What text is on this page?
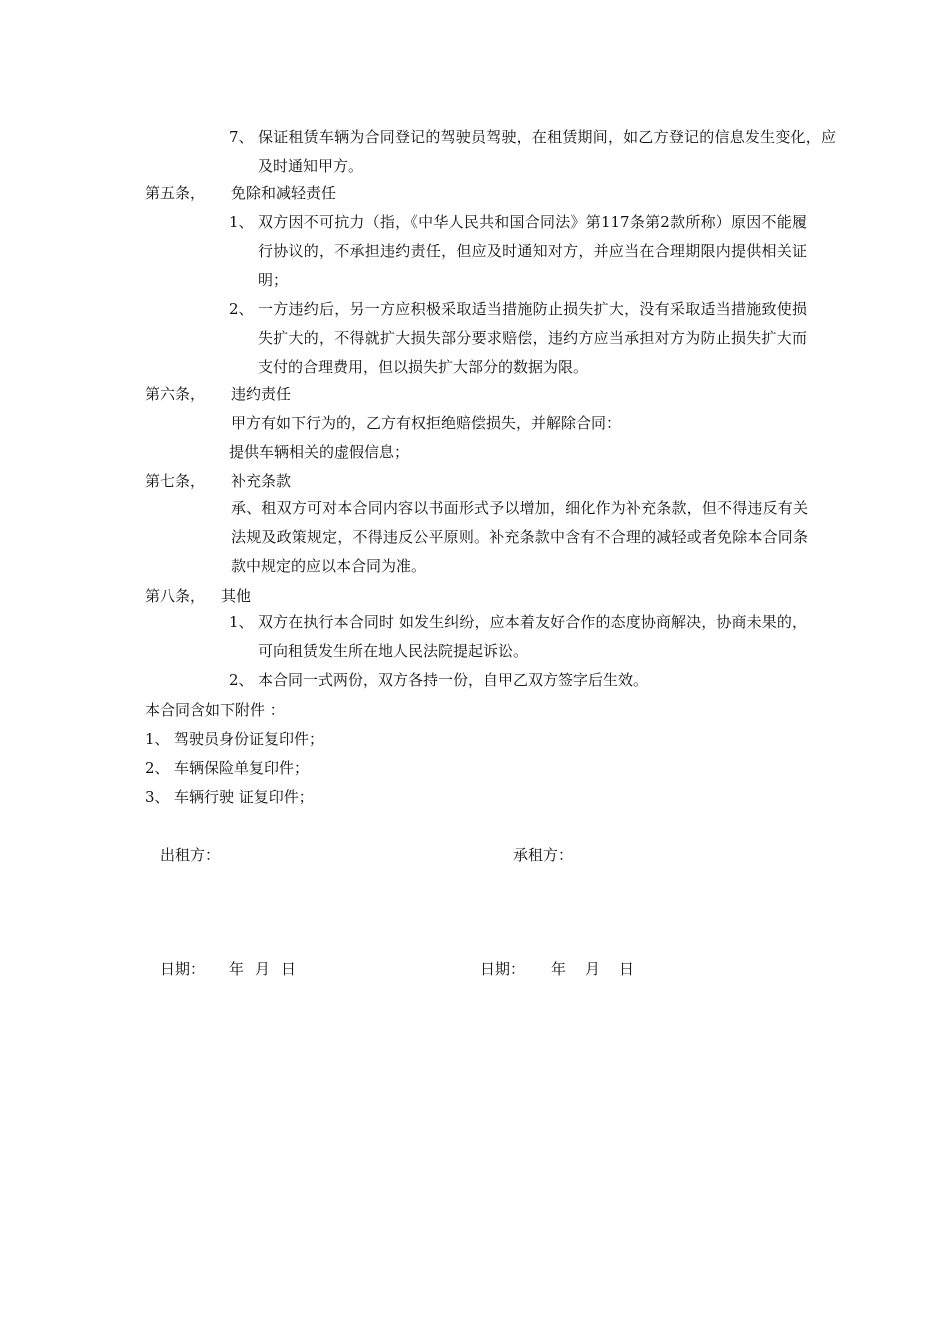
7、 保证租赁车辆为合同登记的驾驶员驾驶，在租赁期间，如乙方登记的信息发生变化，应及时通知甲方。
第五条， 免除和减轻责任
1、 双方因不可抗力（指，《中华人民共和国合同法》第117条第2款所称）原因不能履行协议的，不承担违约责任，但应及时通知对方，并应当在合理期限内提供相关证明；
2、 一方违约后，另一方应积极采取适当措施防止损失扩大，没有采取适当措施致使损失扩大的，不得就扩大损失部分要求赔偿，违约方应当承担对方为防止损失扩大而支付的合理费用，但以损失扩大部分的数据为限。
第六条， 违约责任
甲方有如下行为的，乙方有权拒绝赔偿损失，并解除合同：
提供车辆相关的虚假信息；
第七条， 补充条款
承、租双方可对本合同内容以书面形式予以增加，细化作为补充条款，但不得违反有关法规及政策规定，不得违反公平原则。补充条款中含有不合理的减轻或者免除本合同条款中规定的应以本合同为准。
第八条， 其他
1、 双方在执行本合同时 如发生纠纷，应本着友好合作的态度协商解决，协商未果的，可向租赁发生所在地人民法院提起诉讼。
2、 本合同一式两份，双方各持一份，自甲乙双方签字后生效。
本合同含如下附件 ：
1、 驾驶员身份证复印件；
2、 车辆保险单复印件；
3、 车辆行驶 证复印件；
出租方：	承租方：
日期： 年 月 日	日期： 年 月 日
